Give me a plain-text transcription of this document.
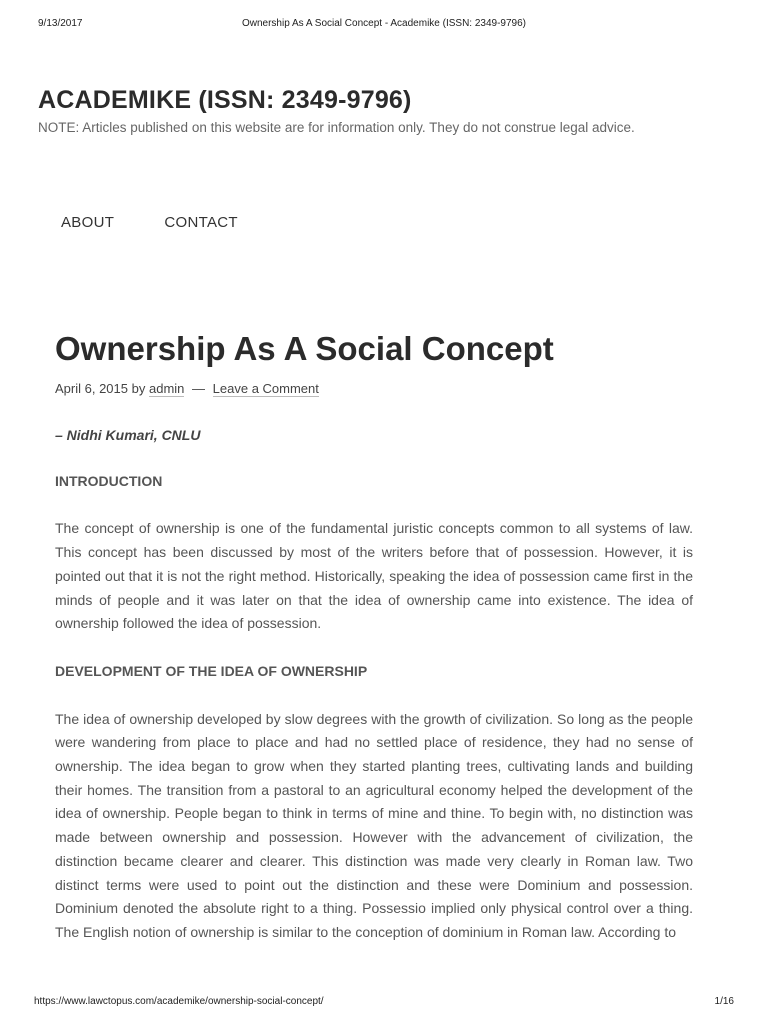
9/13/2017	Ownership As A Social Concept - Academike (ISSN: 2349-9796)
ACADEMIKE (ISSN: 2349-9796)
NOTE: Articles published on this website are for information only. They do not construe legal advice.
ABOUT	CONTACT
Ownership As A Social Concept
April 6, 2015 by admin — Leave a Comment

– Nidhi Kumari, CNLU

INTRODUCTION

The concept of ownership is one of the fundamental juristic concepts common to all systems of law. This concept has been discussed by most of the writers before that of possession. However, it is pointed out that it is not the right method. Historically, speaking the idea of possession came first in the minds of people and it was later on that the idea of ownership came into existence. The idea of ownership followed the idea of possession.

DEVELOPMENT OF THE IDEA OF OWNERSHIP

The idea of ownership developed by slow degrees with the growth of civilization. So long as the people were wandering from place to place and had no settled place of residence, they had no sense of ownership. The idea began to grow when they started planting trees, cultivating lands and building their homes. The transition from a pastoral to an agricultural economy helped the development of the idea of ownership. People began to think in terms of mine and thine. To begin with, no distinction was made between ownership and possession. However with the advancement of civilization, the distinction became clearer and clearer. This distinction was made very clearly in Roman law. Two distinct terms were used to point out the distinction and these were Dominium and possession. Dominium denoted the absolute right to a thing. Possessio implied only physical control over a thing. The English notion of ownership is similar to the conception of dominium in Roman law. According to

https://www.lawctopus.com/academike/ownership-social-concept/	1/16
